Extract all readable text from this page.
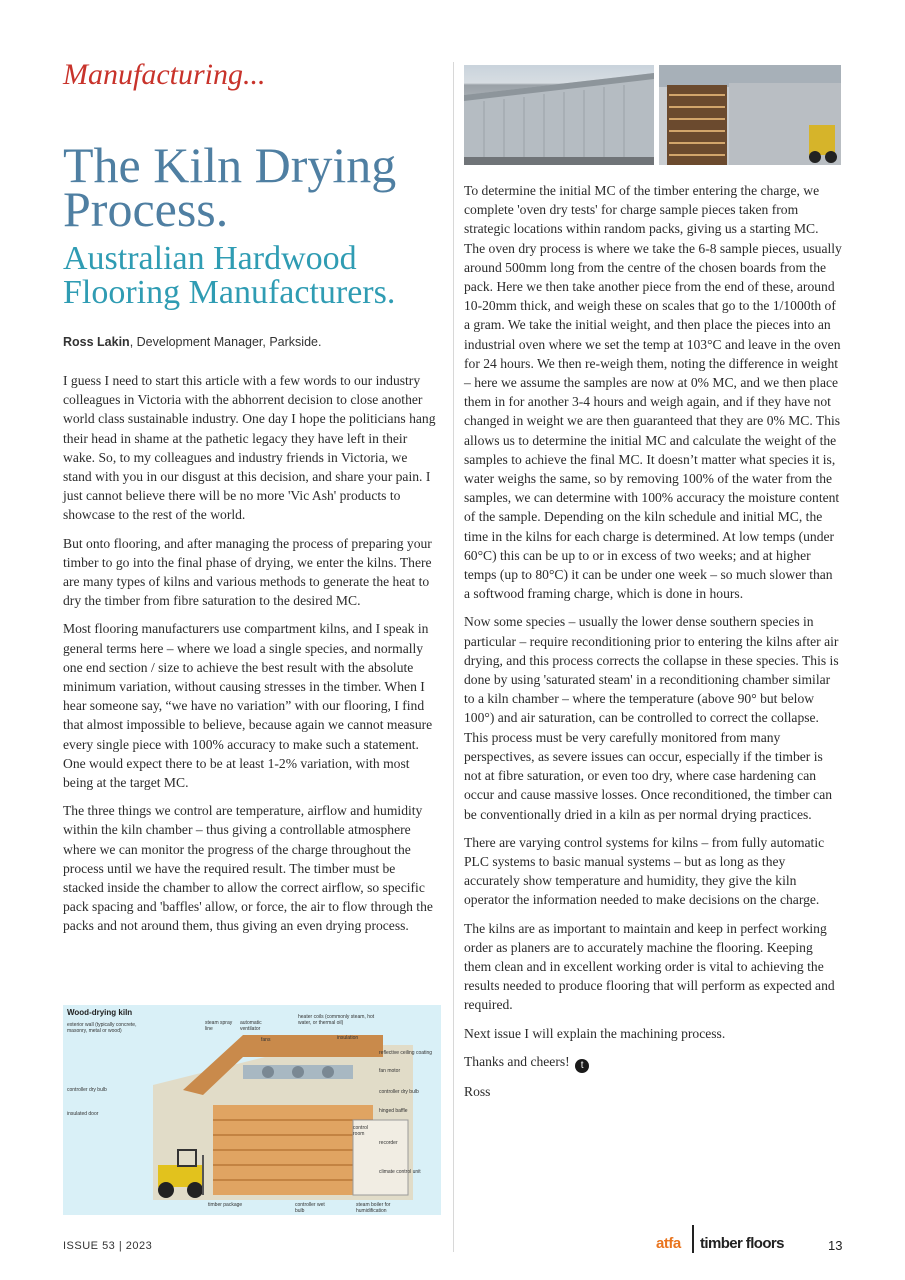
Manufacturing...
The Kiln Drying Process.
Australian Hardwood Flooring Manufacturers.
Ross Lakin, Development Manager, Parkside.

I guess I need to start this article with a few words to our industry colleagues in Victoria with the abhorrent decision to close another world class sustainable industry. One day I hope the politicians hang their head in shame at the pathetic legacy they have left in their wake. So, to my colleagues and industry friends in Victoria, we stand with you in our disgust at this decision, and share your pain. I just cannot believe there will be no more 'Vic Ash' products to showcase to the rest of the world.

But onto flooring, and after managing the process of preparing your timber to go into the final phase of drying, we enter the kilns. There are many types of kilns and various methods to generate the heat to dry the timber from fibre saturation to the desired MC.

Most flooring manufacturers use compartment kilns, and I speak in general terms here – where we load a single species, and normally one end section / size to achieve the best result with the absolute minimum variation, without causing stresses in the timber. When I hear someone say, “we have no variation” with our flooring, I find that almost impossible to believe, because again we cannot measure every single piece with 100% accuracy to make such a statement. One would expect there to be at least 1-2% variation, with most being at the target MC.

The three things we control are temperature, airflow and humidity within the kiln chamber – thus giving a controllable atmosphere where we can monitor the progress of the charge throughout the process until we have the required result. The timber must be stacked inside the chamber to allow the correct airflow, so specific pack spacing and 'baffles' allow, or force, the air to flow through the packs and not around them, thus giving an even drying process.

To determine the initial MC of the timber entering the charge, we complete 'oven dry tests' for charge sample pieces taken from strategic locations within random packs, giving us a starting MC. The oven dry process is where we take the 6-8 sample pieces, usually around 500mm long from the centre of the chosen boards from the pack. Here we then take another piece from the end of these, around 10-20mm thick, and weigh these on scales that go to the 1/1000th of a gram. We take the initial weight, and then place the pieces into an industrial oven where we set the temp at 103°C and leave in the oven for 24 hours. We then re-weigh them, noting the difference in weight – here we assume the samples are now at 0% MC, and we then place them in for another 3-4 hours and weigh again, and if they have not changed in weight we are then guaranteed that they are 0% MC. This allows us to determine the initial MC and calculate the weight of the samples to achieve the final MC. It doesn’t matter what species it is, water weighs the same, so by removing 100% of the water from the samples, we can determine with 100% accuracy the moisture content of the sample. Depending on the kiln schedule and initial MC, the time in the kilns for each charge is determined. At low temps (under 60°C) this can be up to or in excess of two weeks; and at higher temps (up to 80°C) it can be under one week – so much slower than a softwood framing charge, which is done in hours.

Now some species – usually the lower dense southern species in particular – require reconditioning prior to entering the kilns after air drying, and this process corrects the collapse in these species. This is done by using 'saturated steam' in a reconditioning chamber similar to a kiln chamber – where the temperature (above 90° but below 100°) and air saturation, can be controlled to correct the collapse. This process must be very carefully monitored from many perspectives, as severe issues can occur, especially if the timber is not at fibre saturation, or even too dry, where case hardening can occur and cause massive losses. Once reconditioned, the timber can be conventionally dried in a kiln as per normal drying practices.

There are varying control systems for kilns – from fully automatic PLC systems to basic manual systems – but as long as they accurately show temperature and humidity, they give the kiln operator the information needed to make decisions on the charge.

The kilns are as important to maintain and keep in perfect working order as planers are to accurately machine the flooring. Keeping them clean and in excellent working order is vital to achieving the results needed to produce flooring that will perform as expected and required.

Next issue I will explain the machining process.

Thanks and cheers! t

Ross

Wood-drying kiln
exterior wall (typically concrete, masonry, metal or wood)
steam spray line
automatic ventilator
fans
heater coils (commonly steam, hot water, or thermal oil)
insulation
reflective ceiling coating
fan motor
controller dry bulb
controller dry bulb
insulated door	hinged baffle
control room
recorder
climate control unit
timber package	controller wet bulb
steam boiler for humidification
ISSUE 53 | 2023	atfa timber floors	13
